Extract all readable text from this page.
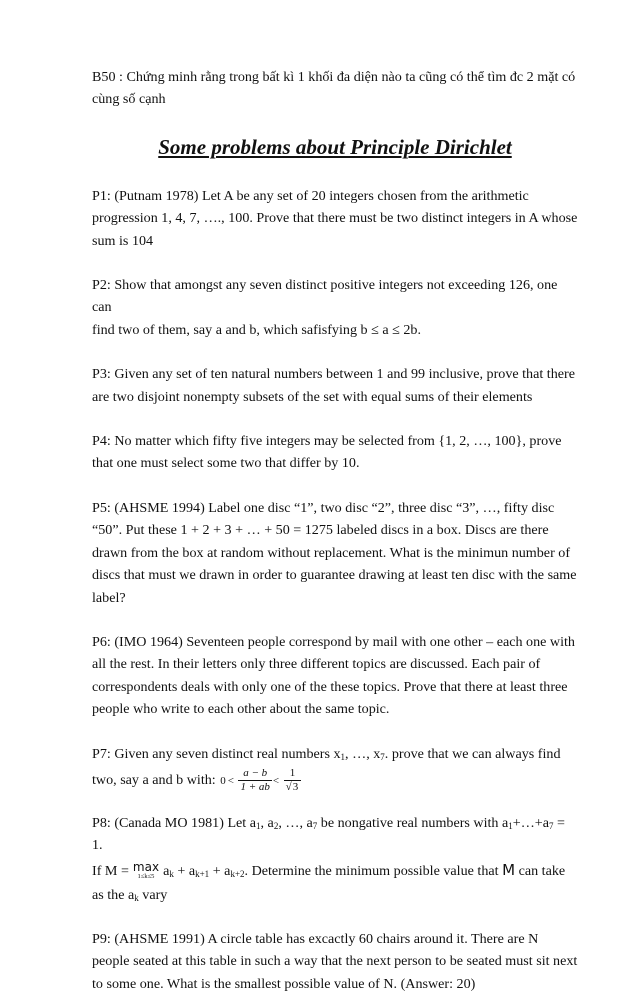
B50 : Chứng minh rằng trong bất kì 1 khối đa diện nào ta cũng có thể tìm đc 2 mặt có

cùng số cạnh

Some problems about Principle Dirichlet

P1: (Putnam 1978) Let A be any set of 20 integers chosen from the arithmetic

progression 1, 4, 7, …., 100. Prove that there must be two distinct integers in A whose

sum is 104

P2: Show that amongst any seven distinct positive integers not exceeding 126, one can

find two of them, say a and b, which safisfying b ≤ a ≤ 2b.

P3: Given any set of ten natural numbers between 1 and 99 inclusive, prove that there

are two disjoint nonempty subsets of the set with equal sums of their elements

P4: No matter which fifty five integers may be selected from {1, 2, …, 100}, prove

that one must select some two that differ by 10.

P5: (AHSME 1994) Label one disc “1”, two disc “2”, three disc “3”, …, fifty disc

“50”. Put these 1 + 2 + 3 + … + 50 = 1275 labeled discs in a box. Discs are there

drawn from the box at random without replacement. What is the minimun number of

discs that must we drawn in order to guarantee drawing at least ten disc with the same

label?

P6: (IMO 1964) Seventeen people correspond by mail with one other – each one with

all the rest. In their letters only three different topics are discussed. Each pair of

correspondents deals with only one of the these topics. Prove that there at least three

people who write to each other about the same topic.

P7: Given any seven distinct real numbers $x_1$, …, $x_7$. prove that we can always find

two, say a and b with: $0 < \frac{a - b}{1 + ab} < \frac{1}{√3}$

P8: (Canada MO 1981) Let $a_1$, $a_2$, …, $a_7$ be nongative real numbers with $a_1+\dots+a_7 = 1$.

If M = max
1≤k≤5 $a_k + a_{k+1} + a_{k+2}$. Determine the minimum possible value that M can take

as the $a_k$ vary

P9: (AHSME 1991) A circle table has excactly 60 chairs around it. There are N

people seated at this table in such a way that the next person to be seated must sit next

to some one. What is the smallest possible value of N. (Answer: 20)
